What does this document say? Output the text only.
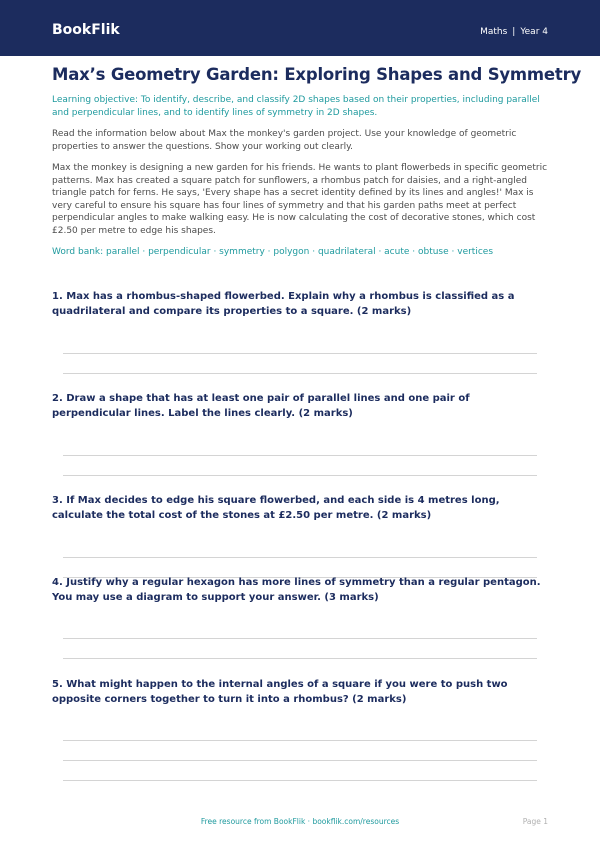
BookFlik	Maths | Year 4
Max’s Geometry Garden: Exploring Shapes and Symmetry

Learning objective: To identify, describe, and classify 2D shapes based on their properties, including parallel and perpendicular lines, and to identify lines of symmetry in 2D shapes.

Read the information below about Max the monkey's garden project. Use your knowledge of geometric properties to answer the questions. Show your working out clearly.

Max the monkey is designing a new garden for his friends. He wants to plant flowerbeds in specific geometric patterns. Max has created a square patch for sunflowers, a rhombus patch for daisies, and a right-angled triangle patch for ferns. He says, 'Every shape has a secret identity defined by its lines and angles!' Max is very careful to ensure his square has four lines of symmetry and that his garden paths meet at perfect perpendicular angles to make walking easy. He is now calculating the cost of decorative stones, which cost £2.50 per metre to edge his shapes.

Word bank: parallel · perpendicular · symmetry · polygon · quadrilateral · acute · obtuse · vertices

1. Max has a rhombus-shaped flowerbed. Explain why a rhombus is classified as a quadrilateral and compare its properties to a square. (2 marks)

2. Draw a shape that has at least one pair of parallel lines and one pair of perpendicular lines. Label the lines clearly. (2 marks)

3. If Max decides to edge his square flowerbed, and each side is 4 metres long, calculate the total cost of the stones at £2.50 per metre. (2 marks)

4. Justify why a regular hexagon has more lines of symmetry than a regular pentagon. You may use a diagram to support your answer. (3 marks)

5. What might happen to the internal angles of a square if you were to push two opposite corners together to turn it into a rhombus? (2 marks)

Free resource from BookFlik · bookflik.com/resources	Page 1
